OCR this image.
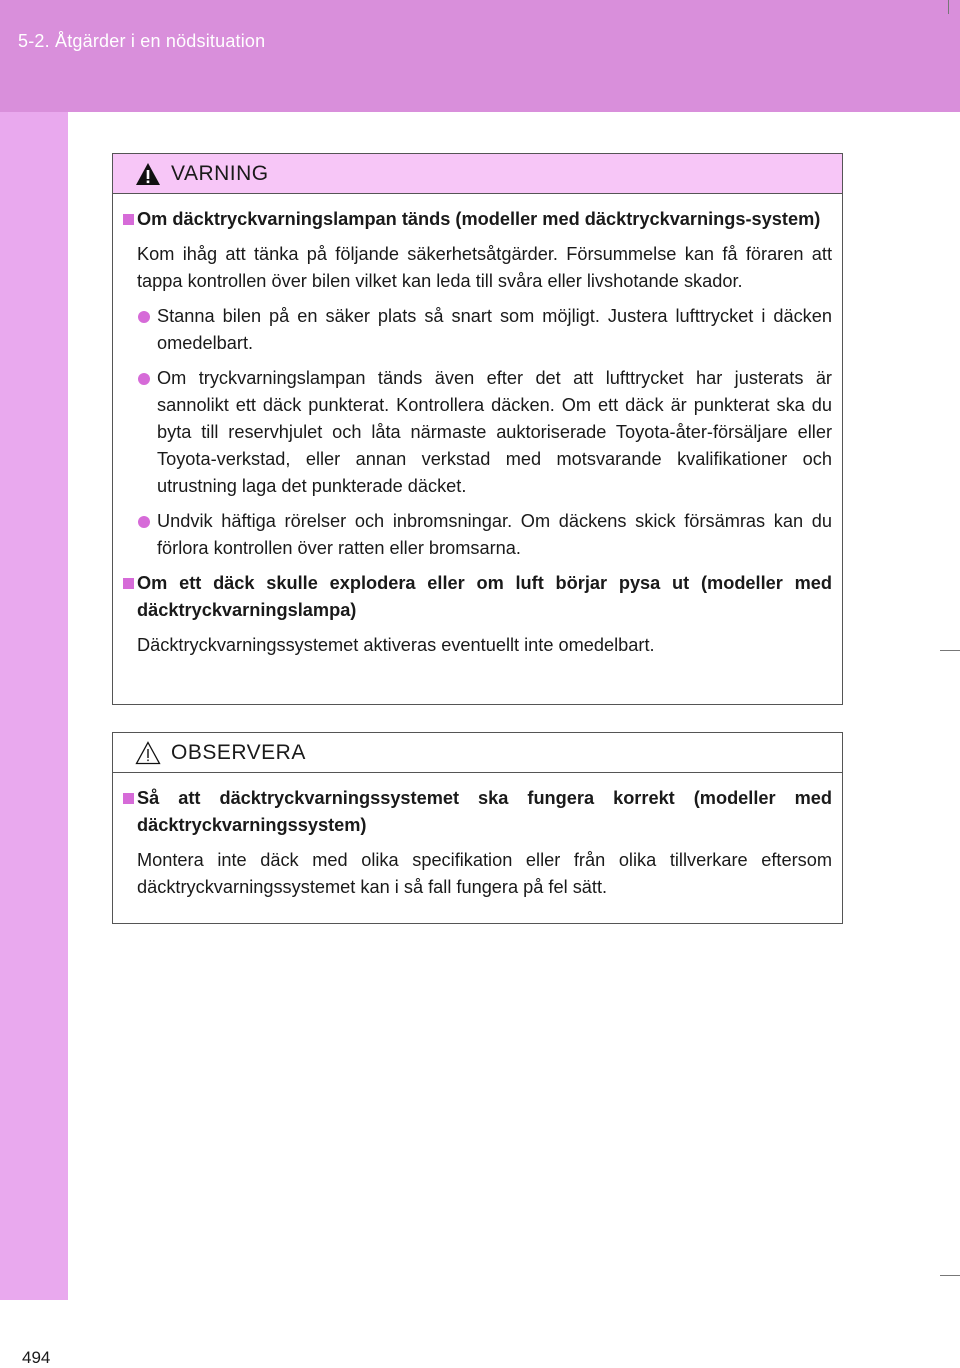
5-2. Åtgärder i en nödsituation
494
VARNING
Om däcktryckvarningslampan tänds (modeller med däcktryckvarnings-system)
Kom ihåg att tänka på följande säkerhetsåtgärder. Försummelse kan få föraren att tappa kontrollen över bilen vilket kan leda till svåra eller livshotande skador.
Stanna bilen på en säker plats så snart som möjligt. Justera lufttrycket i däcken omedelbart.
Om tryckvarningslampan tänds även efter det att lufttrycket har justerats är sannolikt ett däck punkterat. Kontrollera däcken. Om ett däck är punkterat ska du byta till reservhjulet och låta närmaste auktoriserade Toyota-åter-försäljare eller Toyota-verkstad, eller annan verkstad med motsvarande kvalifikationer och utrustning laga det punkterade däcket.
Undvik häftiga rörelser och inbromsningar. Om däckens skick försämras kan du förlora kontrollen över ratten eller bromsarna.
Om ett däck skulle explodera eller om luft börjar pysa ut (modeller med däcktryckvarningslampa)
Däcktryckvarningssystemet aktiveras eventuellt inte omedelbart.
OBSERVERA
Så att däcktryckvarningssystemet ska fungera korrekt (modeller med däcktryckvarningssystem)
Montera inte däck med olika specifikation eller från olika tillverkare eftersom däcktryckvarningssystemet kan i så fall fungera på fel sätt.
